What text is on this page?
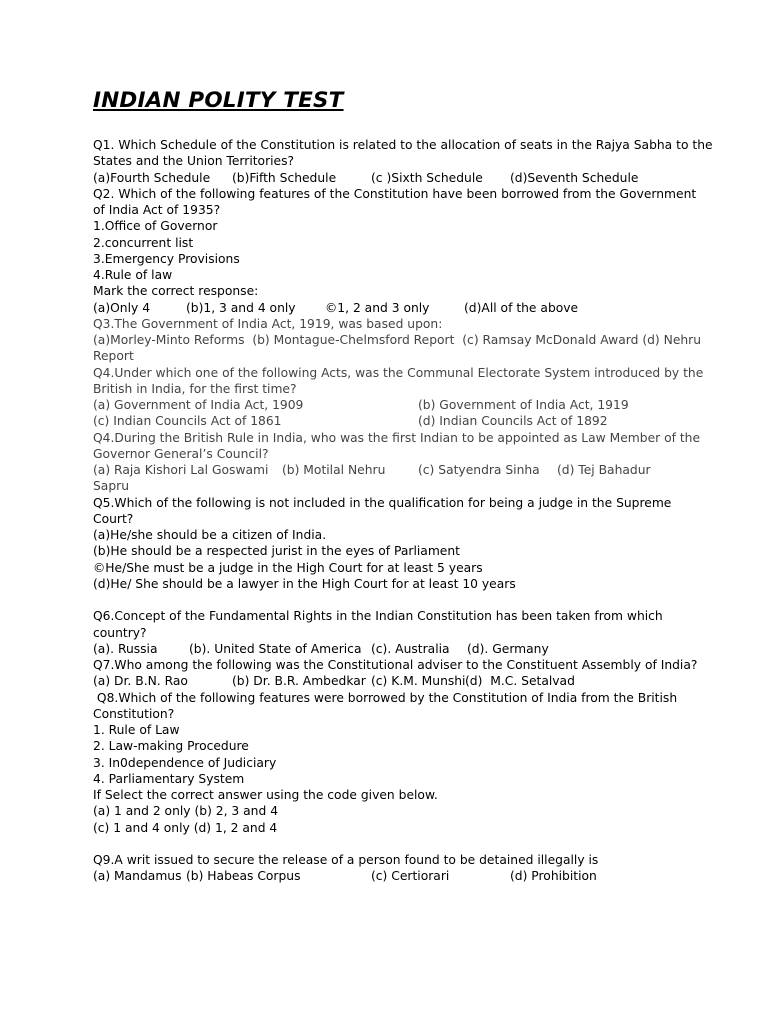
INDIAN POLITY TEST
Q1. Which Schedule of the Constitution is related to the allocation of seats in the Rajya Sabha to the
States and the Union Territories?
(a)Fourth Schedule	(b)Fifth Schedule	(c )Sixth Schedule	(d)Seventh Schedule
Q2. Which of the following features of the Constitution have been borrowed from the Government
of India Act of 1935?
1.Office of Governor
2.concurrent list
3.Emergency Provisions
4.Rule of law
Mark the correct response:
(a)Only 4	(b)1, 3 and 4 only	©1, 2 and 3 only	(d)All of the above
Q3.The Government of India Act, 1919, was based upon:
(a)Morley-Minto Reforms  (b) Montague-Chelmsford Report  (c) Ramsay McDonald Award (d) Nehru
Report
Q4.Under which one of the following Acts, was the Communal Electorate System introduced by the
British in India, for the first time?
(a) Government of India Act, 1909	(b) Government of India Act, 1919
(c) Indian Councils Act of 1861	(d) Indian Councils Act of 1892
Q4.During the British Rule in India, who was the first Indian to be appointed as Law Member of the
Governor General’s Council?
(a) Raja Kishori Lal Goswami	(b) Motilal Nehru	(c) Satyendra Sinha	(d) Tej Bahadur
Sapru
Q5.Which of the following is not included in the qualification for being a judge in the Supreme
Court?
(a)He/she should be a citizen of India.
(b)He should be a respected jurist in the eyes of Parliament
©He/She must be a judge in the High Court for at least 5 years
(d)He/ She should be a lawyer in the High Court for at least 10 years
Q6.Concept of the Fundamental Rights in the Indian Constitution has been taken from which
country?
(a). Russia	(b). United State of America (c). Australia	(d). Germany
Q7.Who among the following was the Constitutional adviser to the Constituent Assembly of India?
(a) Dr. B.N. Rao	(b) Dr. B.R. Ambedkar (c) K.M. Munshi (d)  M.C. Setalvad
Q8.Which of the following features were borrowed by the Constitution of India from the British
Constitution?
1. Rule of Law
2. Law-making Procedure
3. In0dependence of Judiciary
4. Parliamentary System
If Select the correct answer using the code given below.
(a) 1 and 2 only (b) 2, 3 and 4
(c) 1 and 4 only (d) 1, 2 and 4
Q9.A writ issued to secure the release of a person found to be detained illegally is
(a) Mandamus (b) Habeas Corpus	(c) Certiorari	(d) Prohibition
